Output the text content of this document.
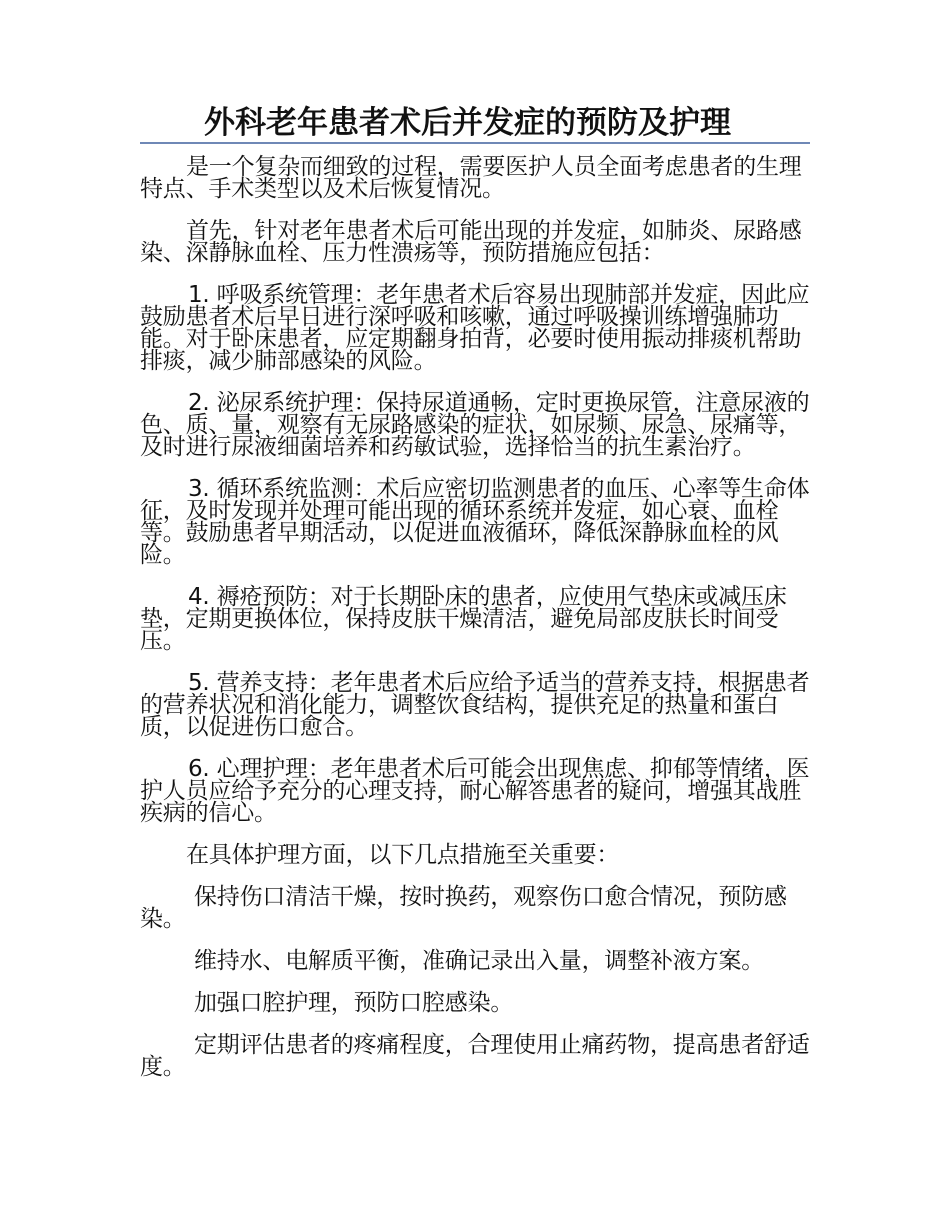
外科老年患者术后并发症的预防及护理

是一个复杂而细致的过程，需要医护人员全面考虑患者的生理特点、手术类型以及术后恢复情况。

首先，针对老年患者术后可能出现的并发症，如肺炎、尿路感染、深静脉血栓、压力性溃疡等，预防措施应包括：

1. 呼吸系统管理：老年患者术后容易出现肺部并发症，因此应鼓励患者术后早日进行深呼吸和咳嗽，通过呼吸操训练增强肺功能。对于卧床患者，应定期翻身拍背，必要时使用振动排痰机帮助排痰，减少肺部感染的风险。

2. 泌尿系统护理：保持尿道通畅，定时更换尿管，注意尿液的色、质、量，观察有无尿路感染的症状，如尿频、尿急、尿痛等，及时进行尿液细菌培养和药敏试验，选择恰当的抗生素治疗。

3. 循环系统监测：术后应密切监测患者的血压、心率等生命体征，及时发现并处理可能出现的循环系统并发症，如心衰、血栓等。鼓励患者早期活动，以促进血液循环，降低深静脉血栓的风险。

4. 褥疮预防：对于长期卧床的患者，应使用气垫床或减压床垫，定期更换体位，保持皮肤干燥清洁，避免局部皮肤长时间受压。

5. 营养支持：老年患者术后应给予适当的营养支持，根据患者的营养状况和消化能力，调整饮食结构，提供充足的热量和蛋白质，以促进伤口愈合。

6. 心理护理：老年患者术后可能会出现焦虑、抑郁等情绪，医护人员应给予充分的心理支持，耐心解答患者的疑问，增强其战胜疾病的信心。

在具体护理方面，以下几点措施至关重要：

保持伤口清洁干燥，按时换药，观察伤口愈合情况，预防感染。

维持水、电解质平衡，准确记录出入量，调整补液方案。

加强口腔护理，预防口腔感染。

定期评估患者的疼痛程度，合理使用止痛药物，提高患者舒适度。
